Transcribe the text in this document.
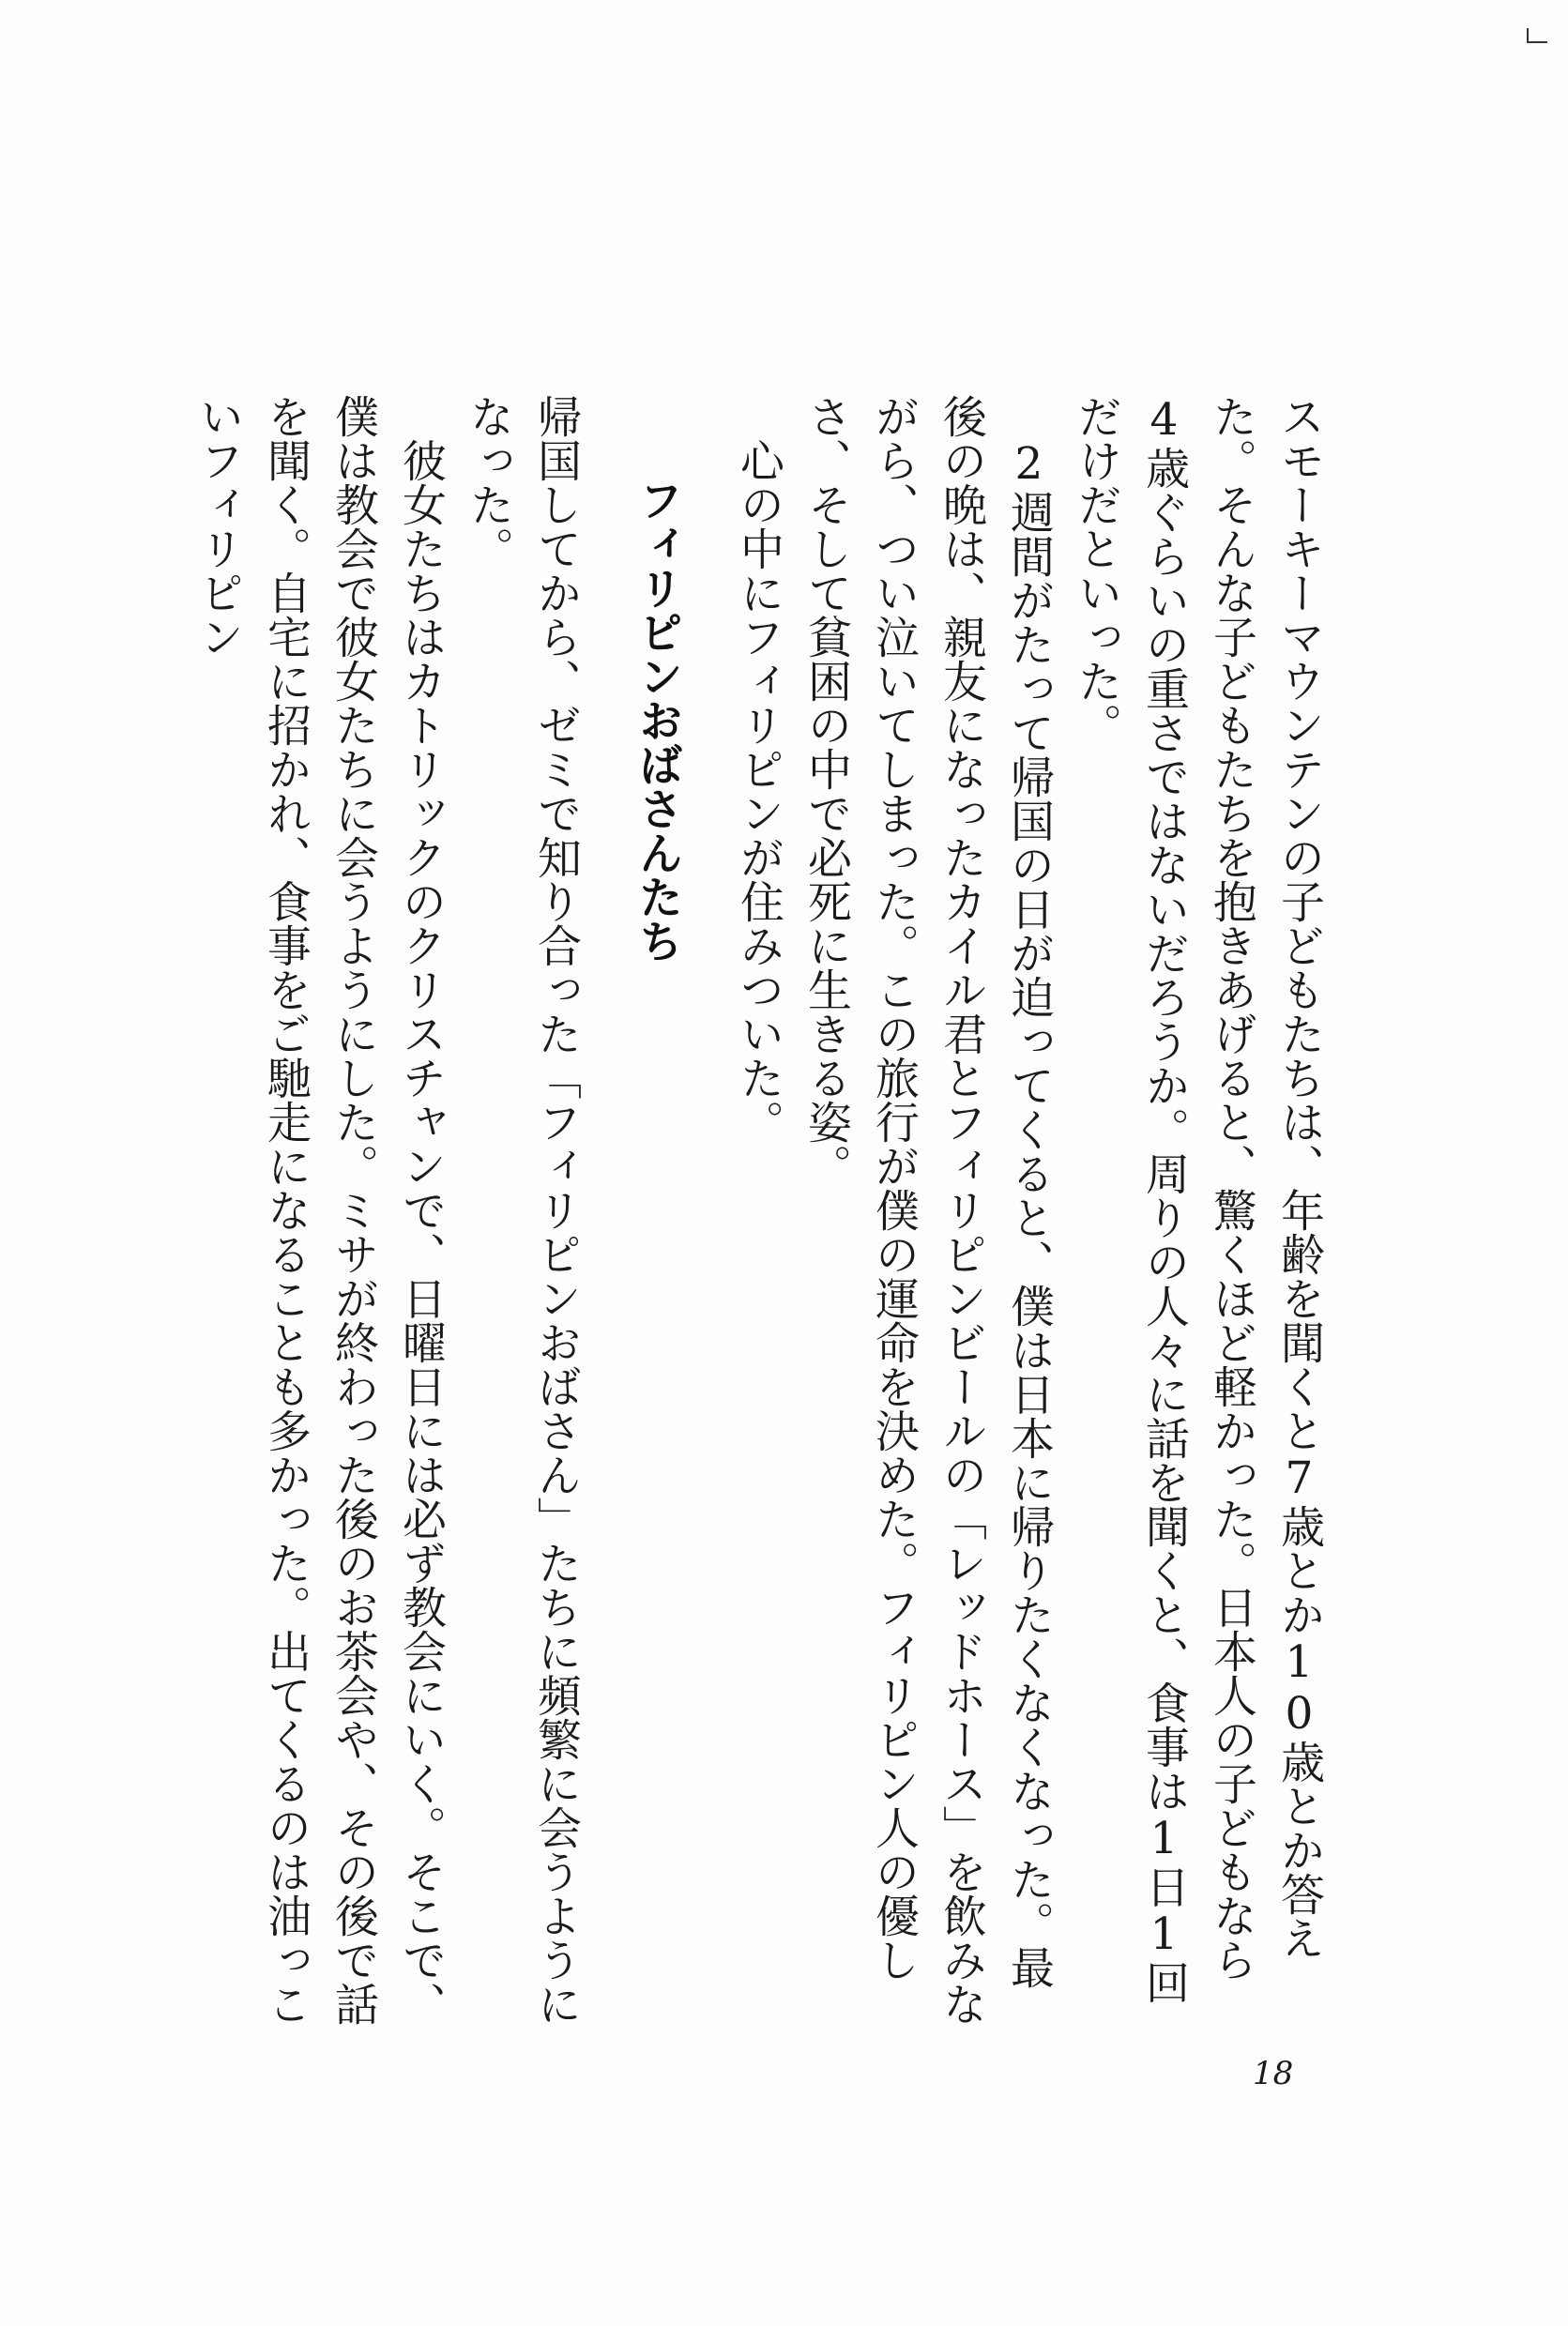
スモーキーマウンテンの子どもたちは、年齢を聞くと7歳とか10歳とか答えた。そんな子どもたちを抱きあげると、驚くほど軽かった。日本人の子どもなら4歳ぐらいの重さではないだろうか。周りの人々に話を聞くと、食事は1日1回だけだといった。

2週間がたって帰国の日が迫ってくると、僕は日本に帰りたくなくなった。最後の晩は、親友になったカイル君とフィリピンビールの「レッドホース」を飲みながら、つい泣いてしまった。この旅行が僕の運命を決めた。フィリピン人の優しさ、そして貧困の中で必死に生きる姿。

心の中にフィリピンが住みついた。

フィリピンおばさんたち

帰国してから、ゼミで知り合った「フィリピンおばさん」たちに頻繁に会うようになった。

彼女たちはカトリックのクリスチャンで、日曜日には必ず教会にいく。そこで、僕は教会で彼女たちに会うようにした。ミサが終わった後のお茶会や、その後で話を聞く。自宅に招かれ、食事をご馳走になることも多かった。出てくるのは油っこいフィリピン

18
